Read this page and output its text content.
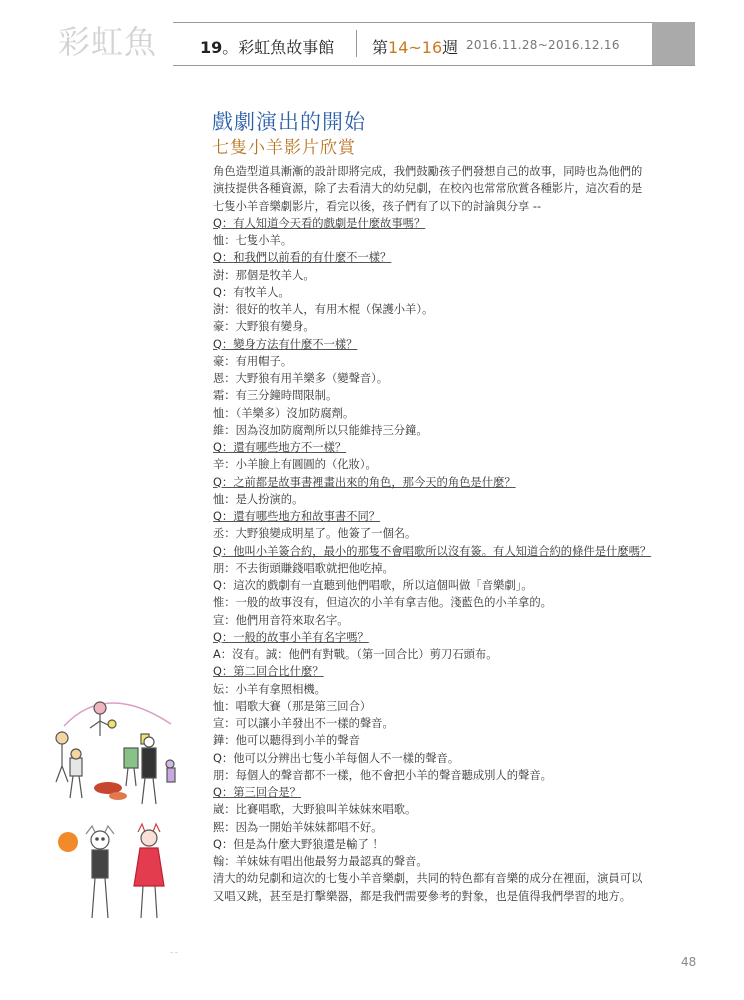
彩虹魚	19。彩虹魚故事館 第14~16週 2016.11.28~2016.12.16
戲劇演出的開始
七隻小羊影片欣賞
角色造型道具漸漸的設計即將完成，我們鼓勵孩子們發想自己的故事，同時也為他們的
演技提供各種資源，除了去看清大的幼兒劇，在校內也常常欣賞各種影片，這次看的是
七隻小羊音樂劇影片，看完以後，孩子們有了以下的討論與分享 --
Q：有人知道今天看的戲劇是什麼故事嗎？
恤：七隻小羊。
Q：和我們以前看的有什麼不一樣？
澍：那個是牧羊人。
Q：有牧羊人。
澍：很好的牧羊人，有用木棍（保護小羊）。
豪：大野狼有變身。
Q：變身方法有什麼不一樣？
豪：有用帽子。
恩：大野狼有用羊樂多（變聲音）。
霜：有三分鐘時間限制。
恤：（羊樂多）沒加防腐劑。
維：因為沒加防腐劑所以只能維持三分鐘。
Q：還有哪些地方不一樣？
辛：小羊臉上有圓圓的（化妝）。
Q：之前都是故事書裡畫出來的角色，那今天的角色是什麼？
恤：是人扮演的。
Q：還有哪些地方和故事書不同？
丞：大野狼變成明星了。他簽了一個名。
Q：他叫小羊簽合約，最小的那隻不會唱歌所以沒有簽。有人知道合約的條件是什麼嗎？
朋：不去街頭賺錢唱歌就把他吃掉。
Q：這次的戲劇有一直聽到他們唱歌，所以這個叫做「音樂劇」。
惟：一般的故事沒有，但這次的小羊有拿吉他。淺藍色的小羊拿的。
宣：他們用音符來取名字。
Q：一般的故事小羊有名字嗎？
A：沒有。誠：他們有對戰。（第一回合比）剪刀石頭布。
Q：第二回合比什麼？
妘：小羊有拿照相機。
恤：唱歌大賽（那是第三回合）
宣：可以讓小羊發出不一樣的聲音。
鏵：他可以聽得到小羊的聲音
Q：他可以分辨出七隻小羊每個人不一樣的聲音。
朋：每個人的聲音都不一樣，他不會把小羊的聲音聽成別人的聲音。
Q：第三回合是？
崴：比賽唱歌，大野狼叫羊妹妹來唱歌。
熙：因為一開始羊妹妹都唱不好。
Q：但是為什麼大野狼還是輸了 ！
翰：羊妹妹有唱出他最努力最認真的聲音。
清大的幼兒劇和這次的七隻小羊音樂劇，共同的特色都有音樂的成分在裡面，演員可以
又唱又跳，甚至是打擊樂器，都是我們需要參考的對象，也是值得我們學習的地方。
~ ~
48
